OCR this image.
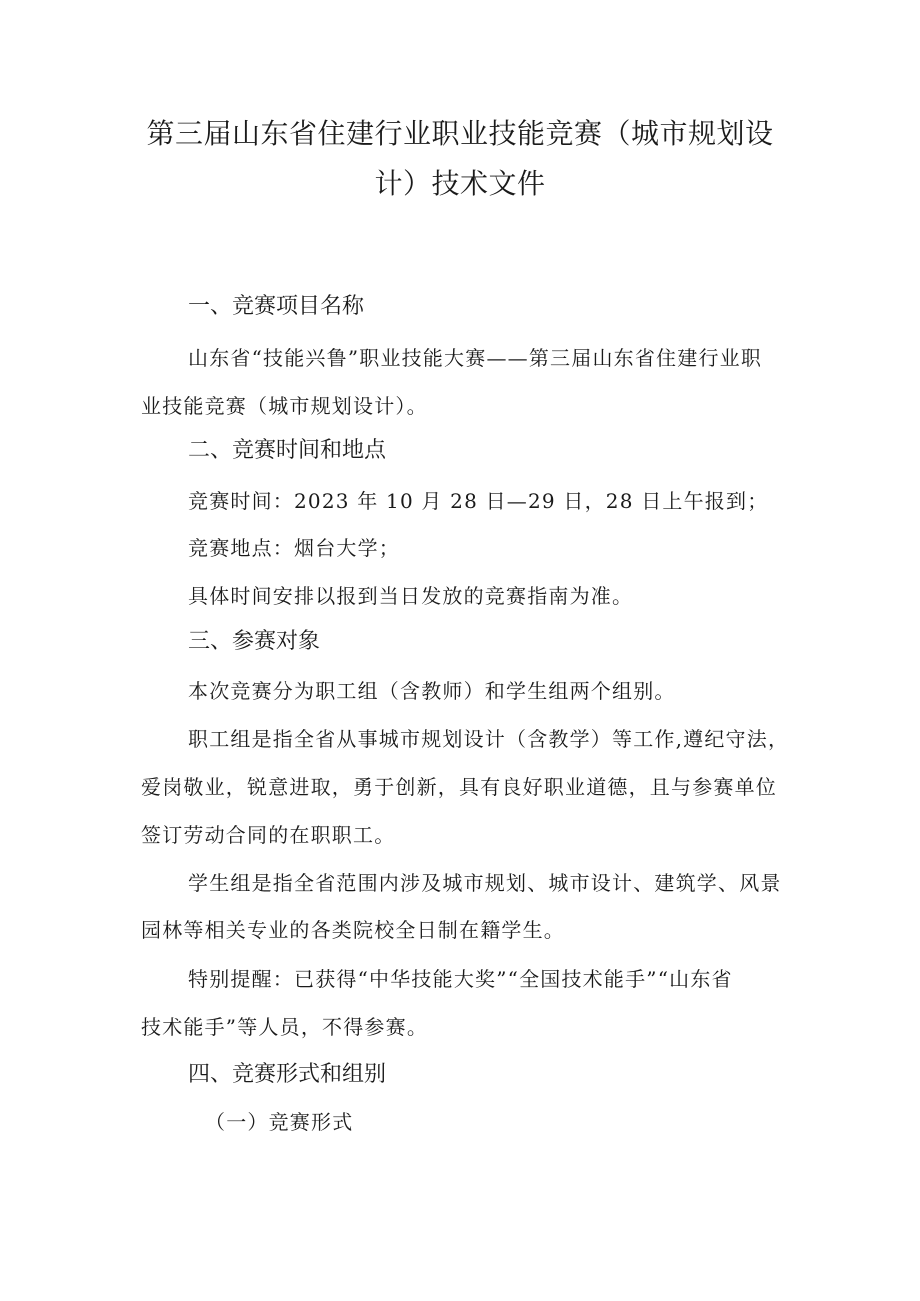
第三届山东省住建行业职业技能竞赛（城市规划设
计）技术文件
一、竞赛项目名称
山东省“技能兴鲁”职业技能大赛——第三届山东省住建行业职
业技能竞赛（城市规划设计）。
二、竞赛时间和地点
竞赛时间：2023 年 10 月 28 日—29 日，28 日上午报到；
竞赛地点：烟台大学；
具体时间安排以报到当日发放的竞赛指南为准。
三、参赛对象
本次竞赛分为职工组（含教师）和学生组两个组别。
职工组是指全省从事城市规划设计（含教学）等工作,遵纪守法，
爱岗敬业，锐意进取，勇于创新，具有良好职业道德，且与参赛单位
签订劳动合同的在职职工。
学生组是指全省范围内涉及城市规划、城市设计、建筑学、风景
园林等相关专业的各类院校全日制在籍学生。
特别提醒：已获得“中华技能大奖”“全国技术能手”“山东省
技术能手”等人员，不得参赛。
四、竞赛形式和组别
（一）竞赛形式
